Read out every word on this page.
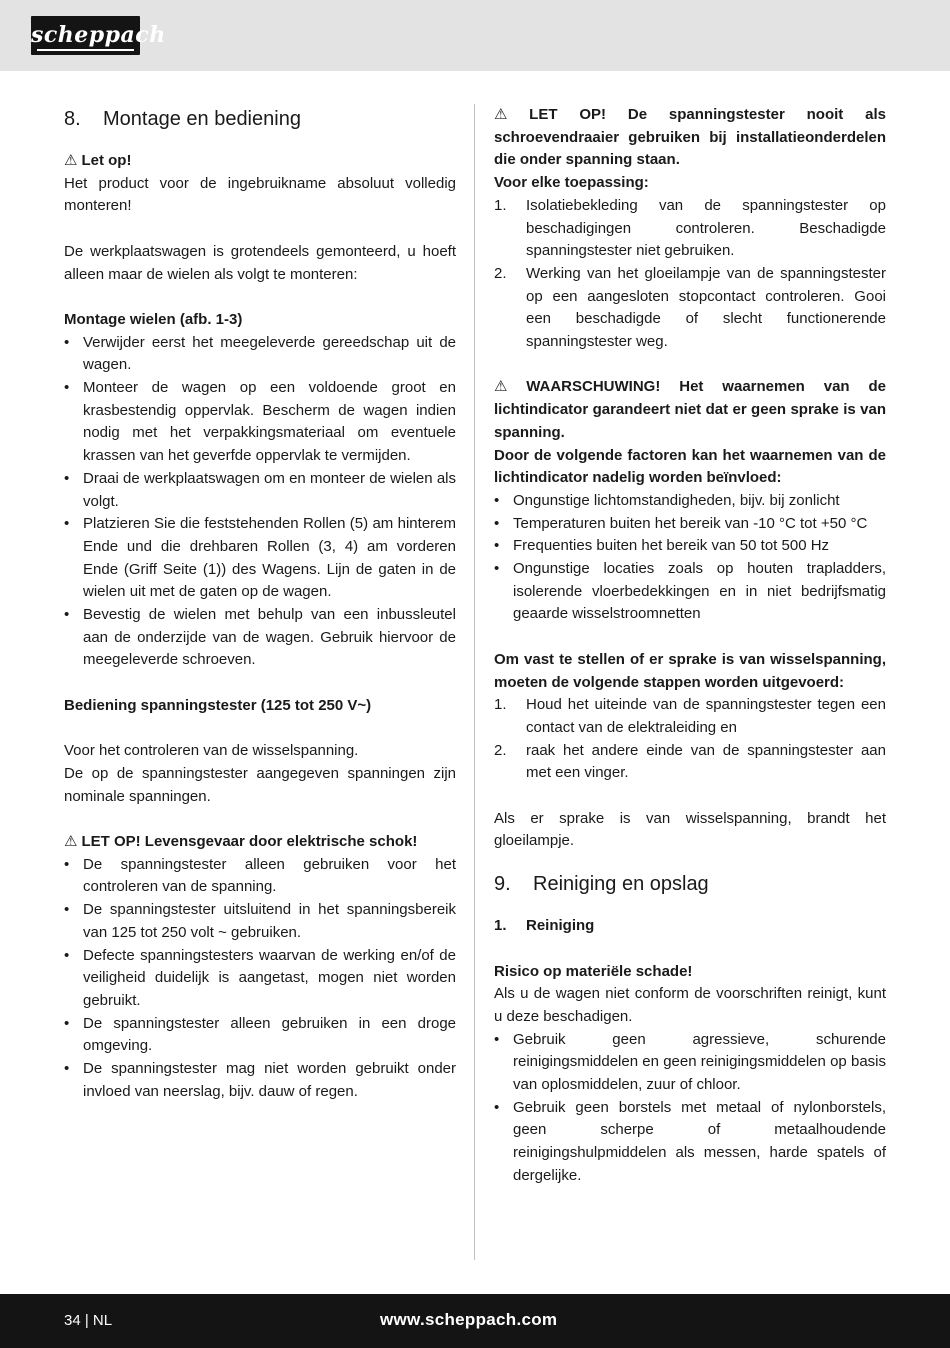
scheppach
8.	Montage en bediening

⚠ Let op!

Het product voor de ingebruikname absoluut volledig monteren!

De werkplaatswagen is grotendeels gemonteerd, u hoeft alleen maar de wielen als volgt te monteren:

Montage wielen (afb. 1-3)

• Verwijder eerst het meegeleverde gereedschap uit de wagen.
• Monteer de wagen op een voldoende groot en krasbestendig oppervlak. Bescherm de wagen indien nodig met het verpakkingsmateriaal om eventuele krassen van het geverfde oppervlak te vermijden.
• Draai de werkplaatswagen om en monteer de wielen als volgt.
• Platzieren Sie die feststehenden Rollen (5) am hinterem Ende und die drehbaren Rollen (3, 4) am vorderen Ende (Griff Seite (1)) des Wagens. Lijn de gaten in de wielen uit met de gaten op de wagen.
• Bevestig de wielen met behulp van een inbussleutel aan de onderzijde van de wagen. Gebruik hiervoor de meegeleverde schroeven.

Bediening spanningstester (125 tot 250 V~)

Voor het controleren van de wisselspanning.

De op de spanningstester aangegeven spanningen zijn nominale spanningen.

⚠ LET OP! Levensgevaar door elektrische schok!

• De spanningstester alleen gebruiken voor het controleren van de spanning.
• De spanningstester uitsluitend in het spanningsbereik van 125 tot 250 volt ~ gebruiken.
• Defecte spanningstesters waarvan de werking en/of de veiligheid duidelijk is aangetast, mogen niet worden gebruikt.
• De spanningstester alleen gebruiken in een droge omgeving.
• De spanningstester mag niet worden gebruikt onder invloed van neerslag, bijv. dauw of regen.

⚠ LET OP! De spanningstester nooit als schroevendraaier gebruiken bij installatieonderdelen die onder spanning staan.

Voor elke toepassing:

1. Isolatiebekleding van de spanningstester op beschadigingen controleren. Beschadigde spanningstester niet gebruiken.
2. Werking van het gloeilampje van de spanningstester op een aangesloten stopcontact controleren. Gooi een beschadigde of slecht functionerende spanningstester weg.

⚠ WAARSCHUWING! Het waarnemen van de lichtindicator garandeert niet dat er geen sprake is van spanning.

Door de volgende factoren kan het waarnemen van de lichtindicator nadelig worden beïnvloed:

• Ongunstige lichtomstandigheden, bijv. bij zonlicht
• Temperaturen buiten het bereik van -10 °C tot +50 °C
• Frequenties buiten het bereik van 50 tot 500 Hz
• Ongunstige locaties zoals op houten trapladders, isolerende vloerbedekkingen en in niet bedrijfsmatig geaarde wisselstroomnetten

Om vast te stellen of er sprake is van wisselspanning, moeten de volgende stappen worden uitgevoerd:

1. Houd het uiteinde van de spanningstester tegen een contact van de elektraleiding en
2. raak het andere einde van de spanningstester aan met een vinger.

Als er sprake is van wisselspanning, brandt het gloeilampje.

9.	Reiniging en opslag
1.	Reiniging

Risico op materiële schade!

Als u de wagen niet conform de voorschriften reinigt, kunt u deze beschadigen.

• Gebruik geen agressieve, schurende reinigingsmiddelen en geen reinigingsmiddelen op basis van oplosmiddelen, zuur of chloor.
• Gebruik geen borstels met metaal of nylonborstels, geen scherpe of metaalhoudende reinigingshulpmiddelen als messen, harde spatels of dergelijke.
34 | NL	www.scheppach.com
